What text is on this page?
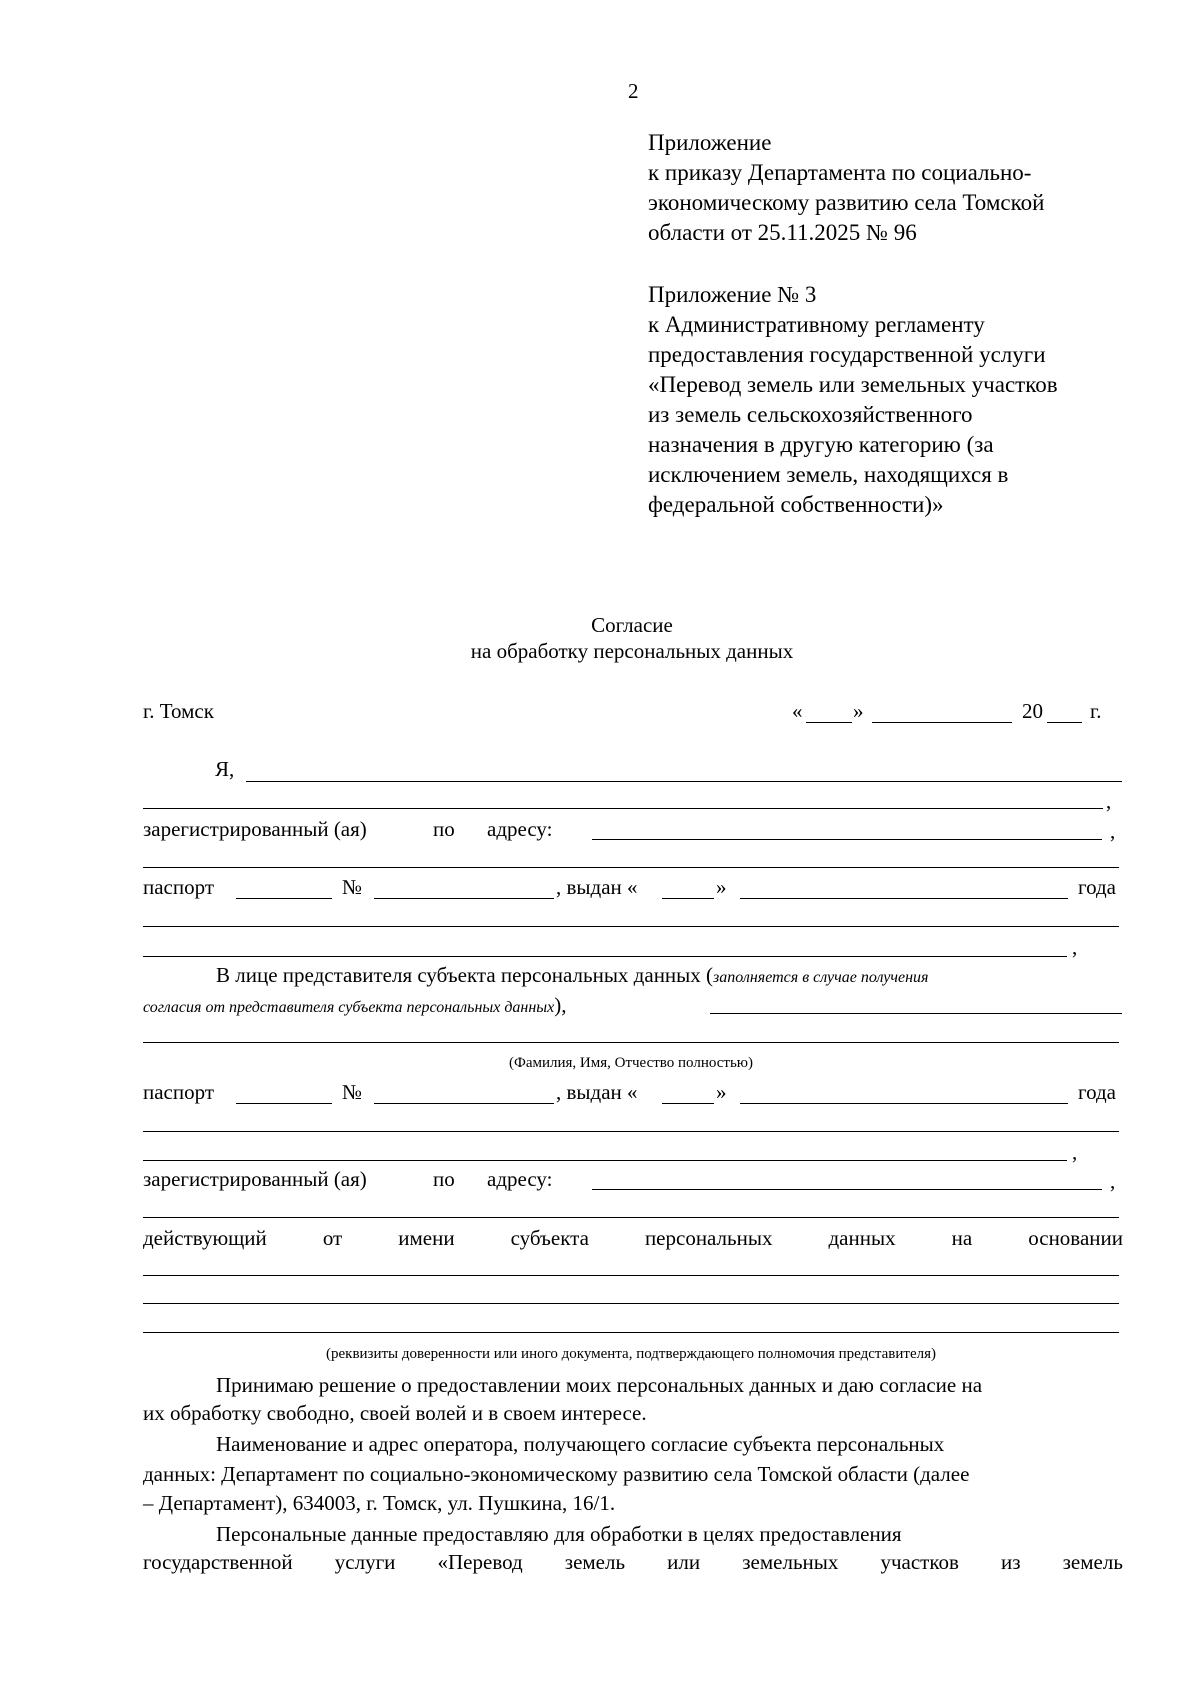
2
Приложение
к приказу Департамента по социально-
экономическому развитию села Томской
области от 25.11.2025 № 96
Приложение № 3
к Административному регламенту
предоставления государственной услуги
«Перевод земель или земельных участков
из земель сельскохозяйственного
назначения в другую категорию (за
исключением земель, находящихся в
федеральной собственности)»
Согласие
на обработку персональных данных
г. Томск	« »	20 г.
Я,
,
зарегистрированный (ая)	по адресу:	,
паспорт	№	, выдан «	»	года
,
В лице представителя субъекта персональных данных (заполняется в случае получения
согласия от представителя субъекта персональных данных),
(Фамилия, Имя, Отчество полностью)
паспорт	№	, выдан «	»	года
,
зарегистрированный (ая)	по адресу:	,
действующий	от	имени	субъекта	персональных	данных	на	основании
(реквизиты доверенности или иного документа, подтверждающего полномочия представителя)
Принимаю решение о предоставлении моих персональных данных и даю согласие на
их обработку свободно, своей волей и в своем интересе.
Наименование и адрес оператора, получающего согласие субъекта персональных
данных: Департамент по социально-экономическому развитию села Томской области (далее
– Департамент), 634003, г. Томск, ул. Пушкина, 16/1.
Персональные данные предоставляю для обработки в целях предоставления
государственной услуги «Перевод земель или земельных участков из земель
